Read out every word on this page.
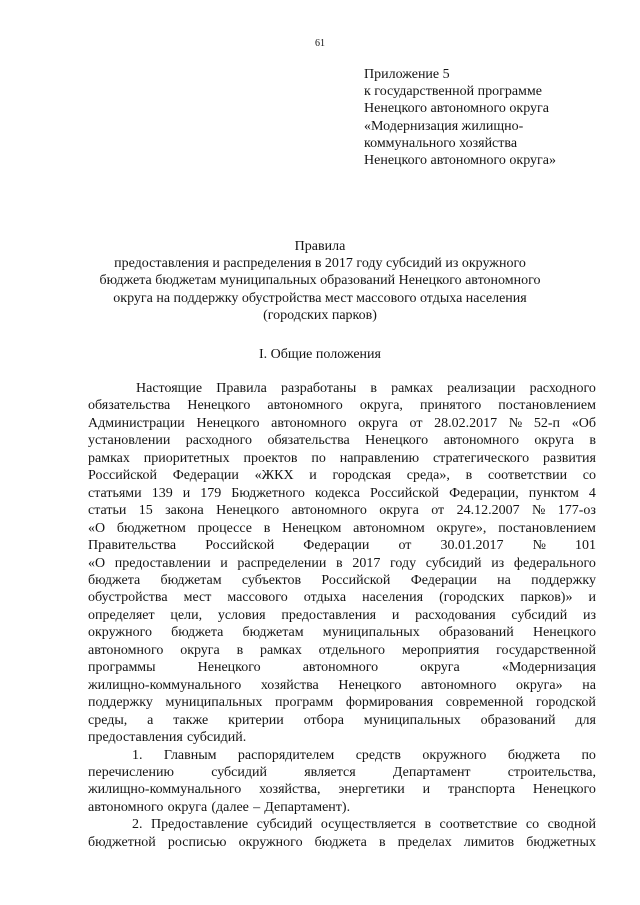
61
Приложение 5
к государственной программе
Ненецкого автономного округа
«Модернизация жилищно-
коммунального хозяйства
Ненецкого автономного округа»
Правила
предоставления и распределения в 2017 году субсидий из окружного
бюджета бюджетам муниципальных образований Ненецкого автономного
округа на поддержку обустройства мест массового отдыха населения
(городских парков)
I. Общие положения
Настоящие Правила разработаны в рамках реализации расходного
обязательства Ненецкого автономного округа, принятого постановлением
Администрации Ненецкого автономного округа от 28.02.2017 № 52-п «Об
установлении расходного обязательства Ненецкого автономного округа в
рамках приоритетных проектов по направлению стратегического развития
Российской Федерации «ЖКХ и городская среда», в соответствии со
статьями 139 и 179 Бюджетного кодекса Российской Федерации, пунктом 4
статьи 15 закона Ненецкого автономного округа от 24.12.2007 № 177-оз
«О бюджетном процессе в Ненецком автономном округе», постановлением
Правительства Российской Федерации от 30.01.2017 № 101
«О предоставлении и распределении в 2017 году субсидий из федерального
бюджета бюджетам субъектов Российской Федерации на поддержку
обустройства мест массового отдыха населения (городских парков)» и
определяет цели, условия предоставления и расходования субсидий из
окружного бюджета бюджетам муниципальных образований Ненецкого
автономного округа в рамках отдельного мероприятия государственной
программы	Ненецкого	автономного	округа	«Модернизация
жилищно-коммунального хозяйства Ненецкого автономного округа» на
поддержку муниципальных программ формирования современной городской
среды, а также критерии отбора муниципальных образований для
предоставления субсидий.
1. Главным распорядителем средств окружного бюджета по
перечислению	субсидий	является	Департамент	строительства,
жилищно-коммунального хозяйства, энергетики и транспорта Ненецкого
автономного округа (далее – Департамент).
2. Предоставление субсидий осуществляется в соответствие со сводной
бюджетной росписью окружного бюджета в пределах лимитов бюджетных
